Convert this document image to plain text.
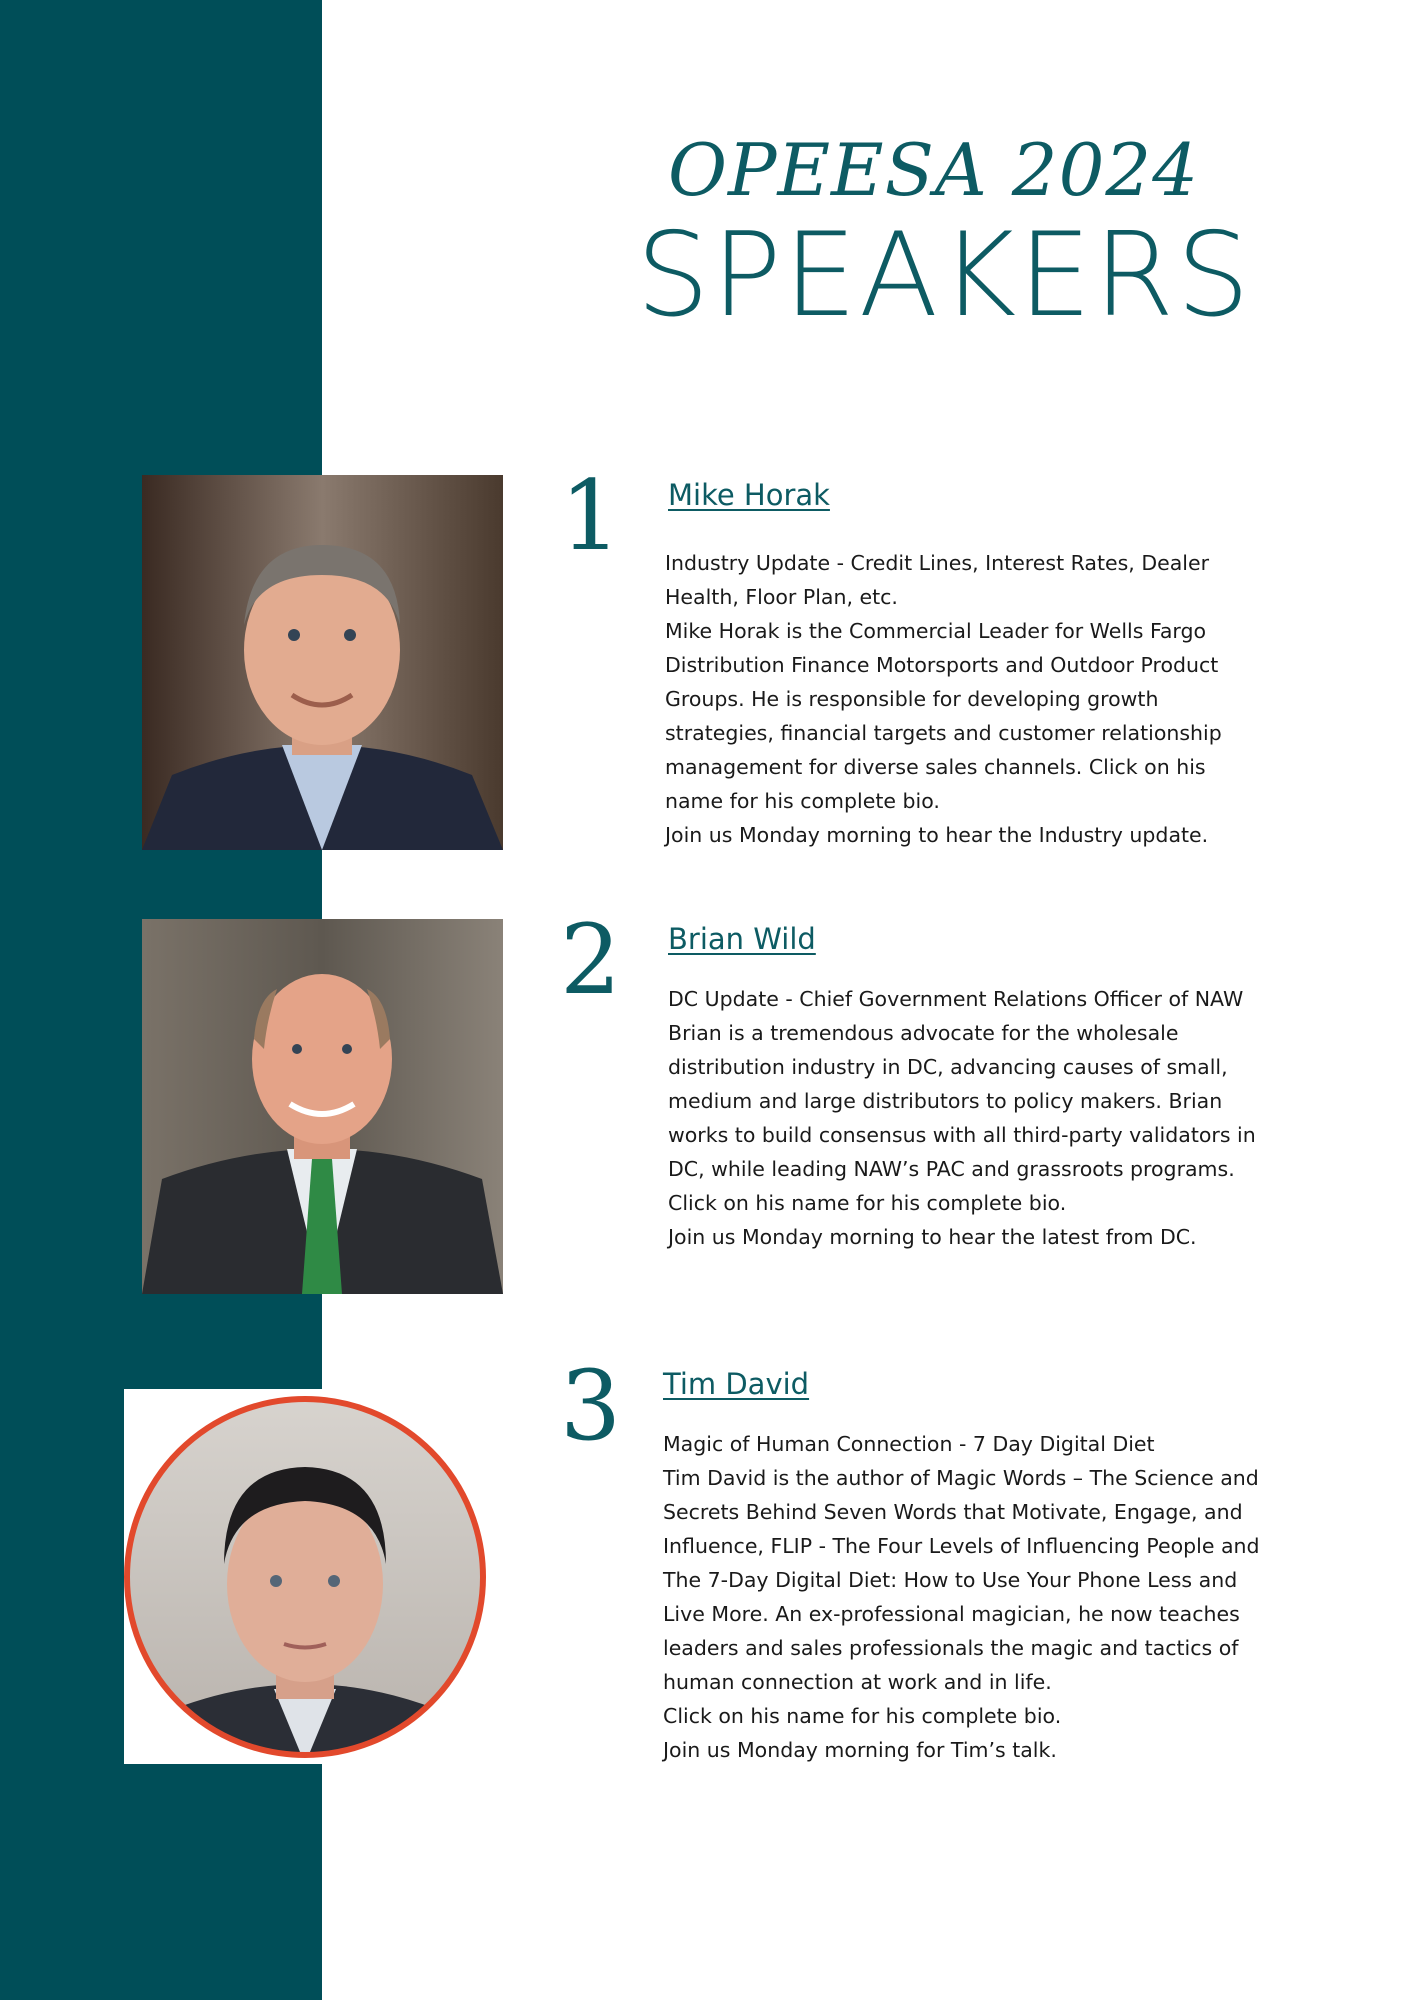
OPEESA 2024
SPEAKERS
1 Mike Horak

Industry Update - Credit Lines, Interest Rates, Dealer Health, Floor Plan, etc.

Mike Horak is the Commercial Leader for Wells Fargo Distribution Finance Motorsports and Outdoor Product Groups. He is responsible for developing growth strategies, financial targets and customer relationship management for diverse sales channels. Click on his name for his complete bio.

Join us Monday morning to hear the Industry update.

2 Brian Wild

DC Update - Chief Government Relations Officer of NAW

Brian is a tremendous advocate for the wholesale distribution industry in DC, advancing causes of small, medium and large distributors to policy makers. Brian works to build consensus with all third-party validators in DC, while leading NAW’s PAC and grassroots programs.

Click on his name for his complete bio.

Join us Monday morning to hear the latest from DC.

3 Tim David

Magic of Human Connection - 7 Day Digital Diet

Tim David is the author of Magic Words – The Science and Secrets Behind Seven Words that Motivate, Engage, and Influence, FLIP - The Four Levels of Influencing People and The 7-Day Digital Diet: How to Use Your Phone Less and Live More. An ex-professional magician, he now teaches leaders and sales professionals the magic and tactics of human connection at work and in life.

Click on his name for his complete bio.

Join us Monday morning for Tim’s talk.
